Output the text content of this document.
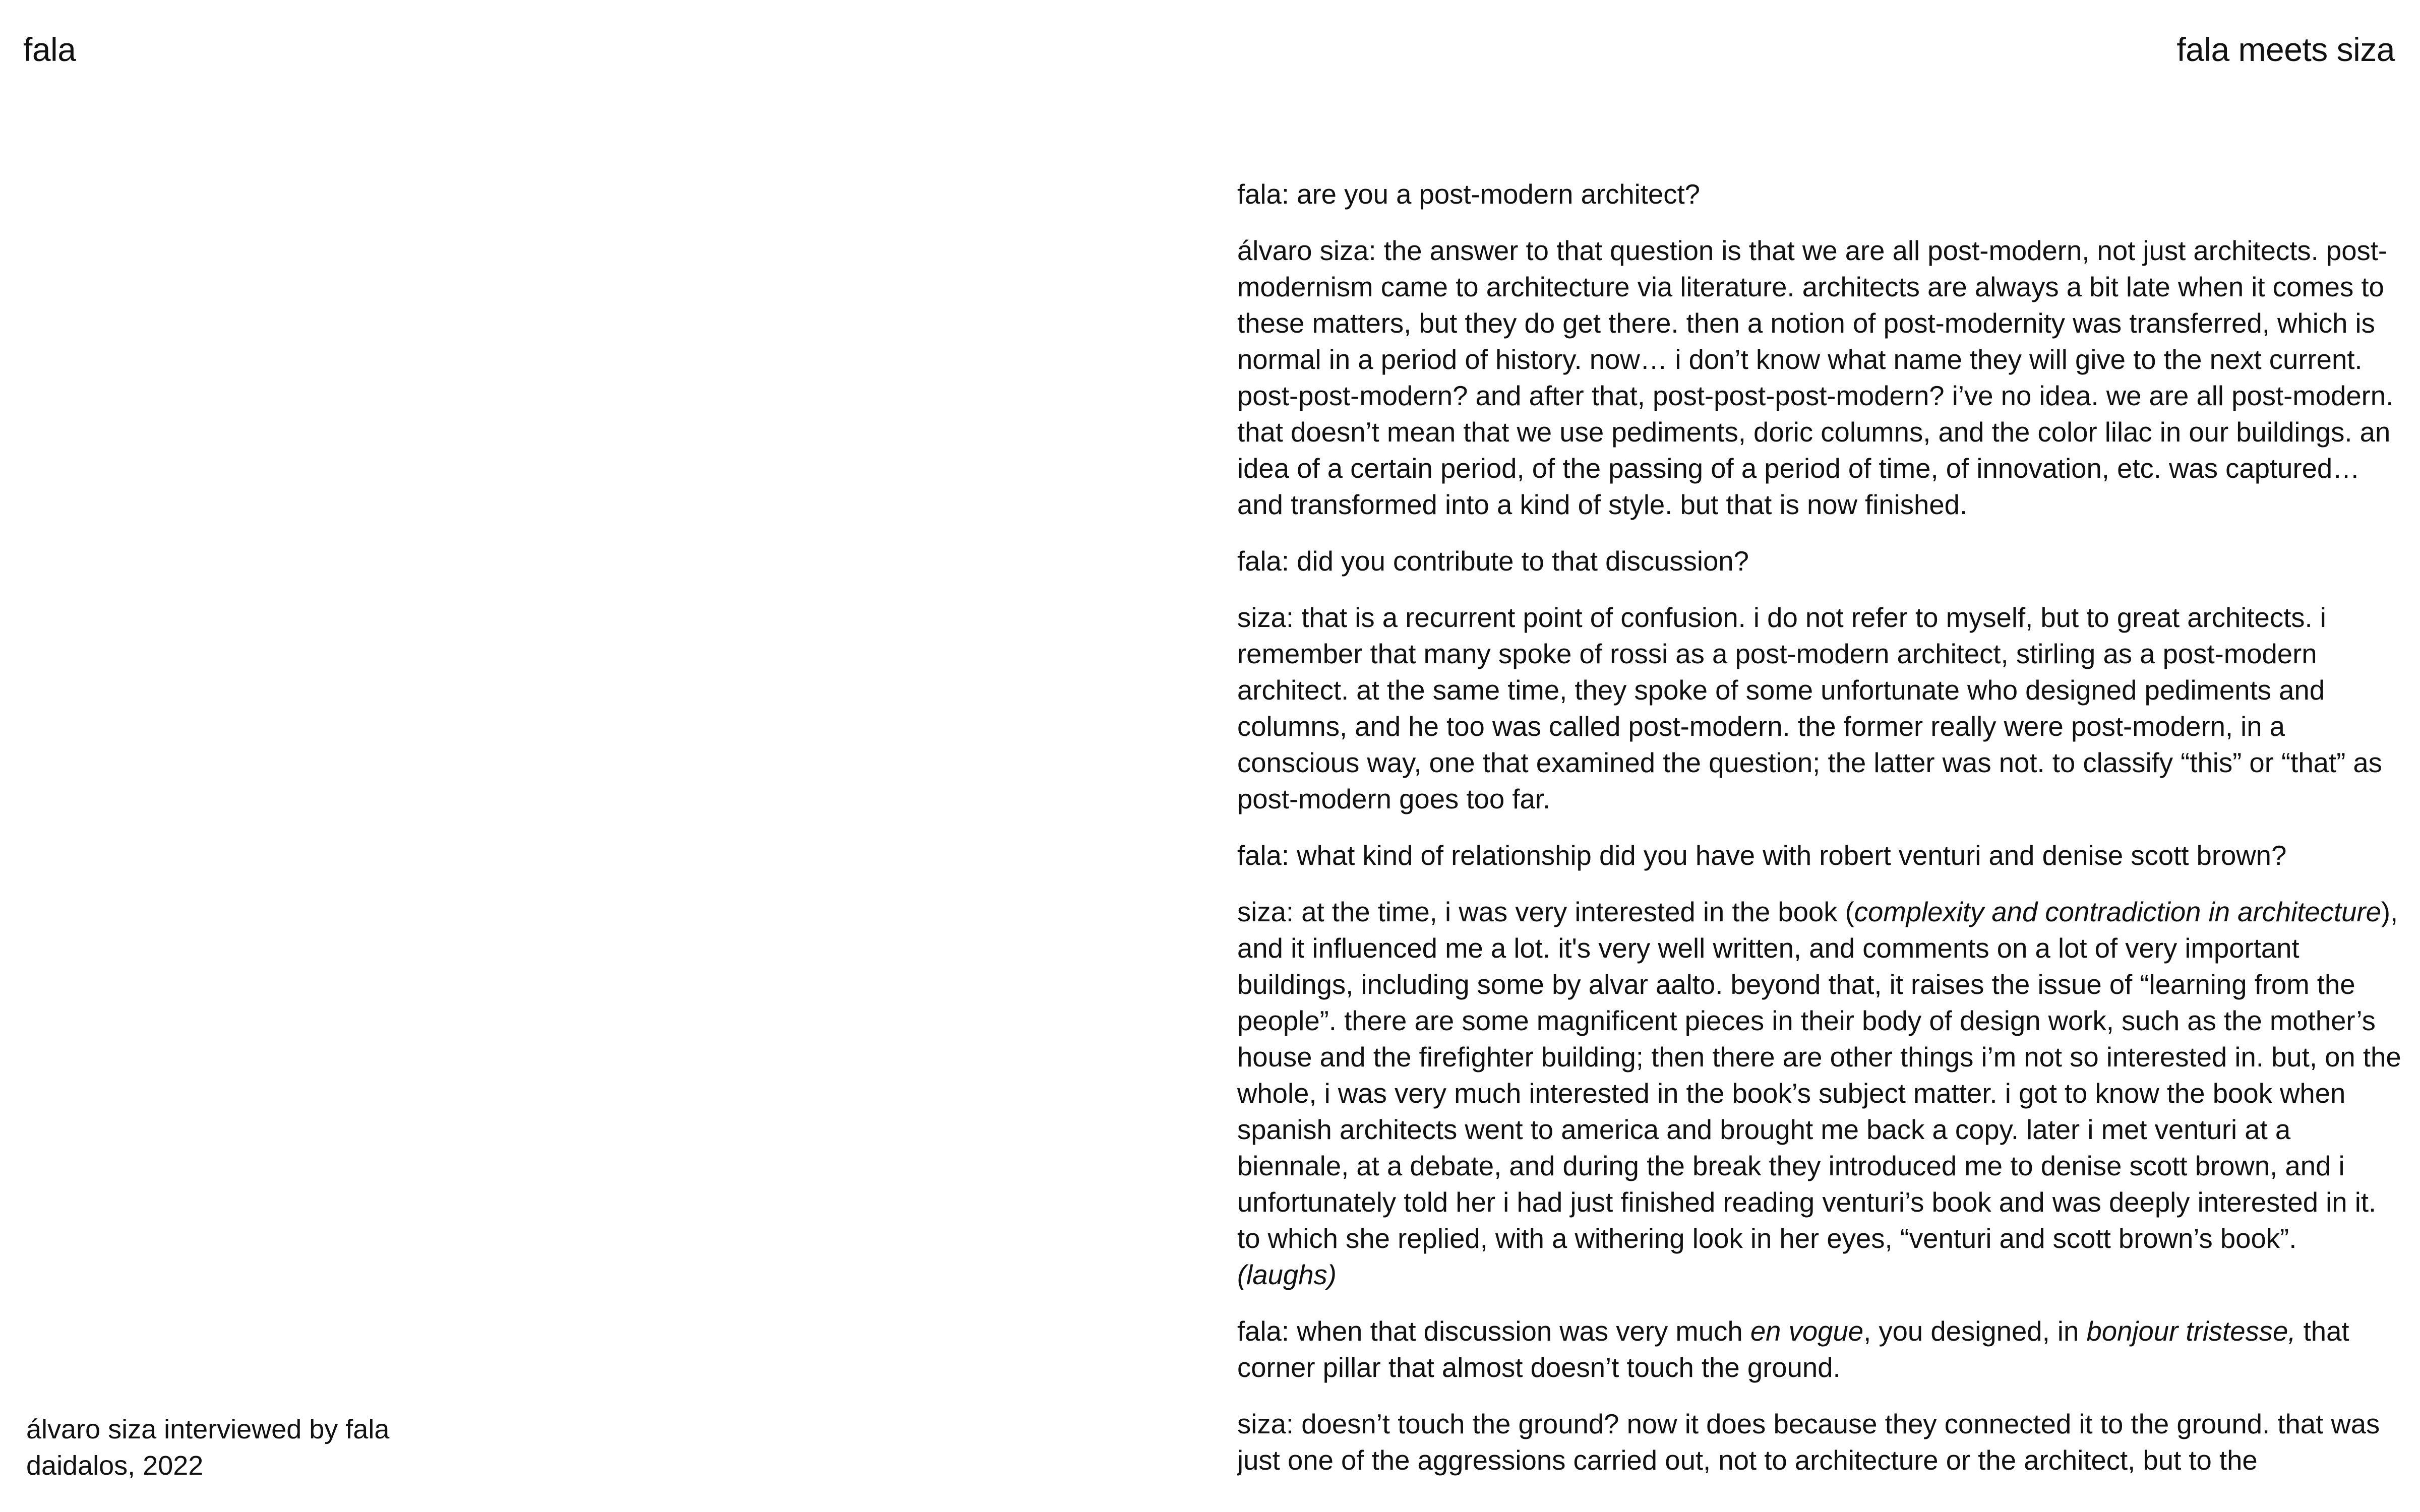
fala	fala meets siza
álvaro siza interviewed by fala
daidalos, 2022

fala: are you a post-modern architect?

álvaro siza: the answer to that question is that we are all post-modern, not just architects. post-modernism came to architecture via literature. architects are always a bit late when it comes to these matters, but they do get there. then a notion of post-modernity was transferred, which is normal in a period of history. now… i don’t know what name they will give to the next current. post-post-modern? and after that, post-post-post-modern? i’ve no idea. we are all post-modern. that doesn’t mean that we use pediments, doric columns, and the color lilac in our buildings. an idea of a certain period, of the passing of a period of time, of innovation, etc. was captured… and transformed into a kind of style. but that is now finished.

fala: did you contribute to that discussion?

siza: that is a recurrent point of confusion. i do not refer to myself, but to great architects. i remember that many spoke of rossi as a post-modern architect, stirling as a post-modern architect. at the same time, they spoke of some unfortunate who designed pediments and columns, and he too was called post-modern. the former really were post-modern, in a conscious way, one that examined the question; the latter was not. to classify “this” or “that” as post-modern goes too far.

fala: what kind of relationship did you have with robert venturi and denise scott brown?

siza: at the time, i was very interested in the book (complexity and contradiction in architecture), and it influenced me a lot. it's very well written, and comments on a lot of very important buildings, including some by alvar aalto. beyond that, it raises the issue of “learning from the people”. there are some magnificent pieces in their body of design work, such as the mother’s house and the firefighter building; then there are other things i’m not so interested in. but, on the whole, i was very much interested in the book’s subject matter. i got to know the book when spanish architects went to america and brought me back a copy. later i met venturi at a biennale, at a debate, and during the break they introduced me to denise scott brown, and i unfortunately told her i had just finished reading venturi’s book and was deeply interested in it. to which she replied, with a withering look in her eyes, “venturi and scott brown’s book”. (laughs)

fala: when that discussion was very much en vogue, you designed, in bonjour tristesse, that corner pillar that almost doesn’t touch the ground.

siza: doesn’t touch the ground? now it does because they connected it to the ground. that was just one of the aggressions carried out, not to architecture or the architect, but to the
